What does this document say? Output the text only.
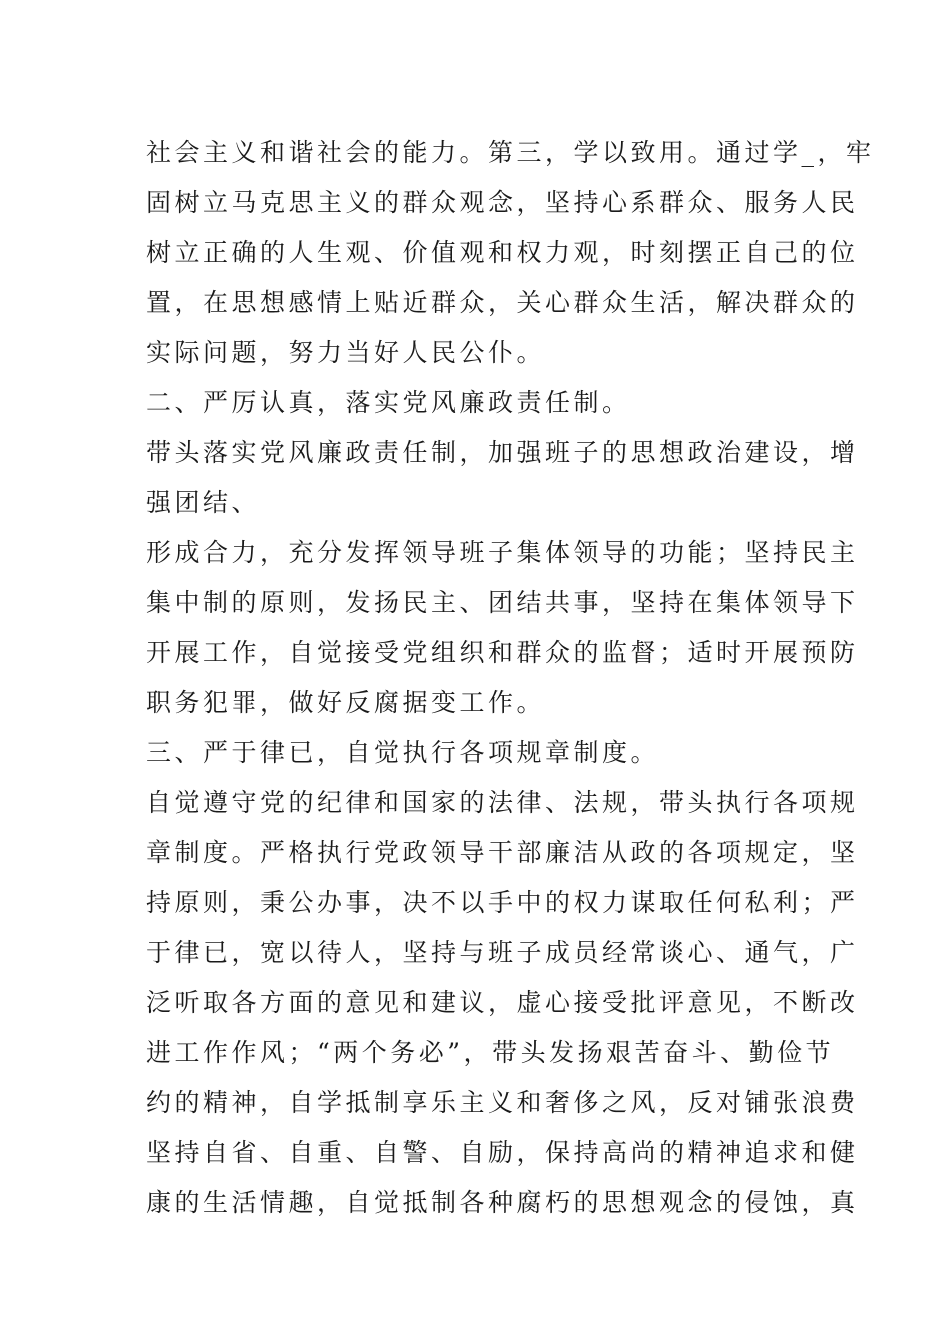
社会主义和谐社会的能力。第三，学以致用。通过学_，牢
固树立马克思主义的群众观念，坚持心系群众、服务人民
树立正确的人生观、价值观和权力观，时刻摆正自己的位
置，在思想感情上贴近群众，关心群众生活，解决群众的
实际问题，努力当好人民公仆。
二、严厉认真，落实党风廉政责任制。
带头落实党风廉政责任制，加强班子的思想政治建设，增
强团结、
形成合力，充分发挥领导班子集体领导的功能；坚持民主
集中制的原则，发扬民主、团结共事，坚持在集体领导下
开展工作，自觉接受党组织和群众的监督；适时开展预防
职务犯罪，做好反腐据变工作。
三、严于律已，自觉执行各项规章制度。
自觉遵守党的纪律和国家的法律、法规，带头执行各项规
章制度。严格执行党政领导干部廉洁从政的各项规定，坚
持原则，秉公办事，决不以手中的权力谋取任何私利；严
于律已，宽以待人，坚持与班子成员经常谈心、通气，广
泛听取各方面的意见和建议，虚心接受批评意见，不断改
进工作作风；“两个务必”，带头发扬艰苦奋斗、勤俭节
约的精神，自学抵制享乐主义和奢侈之风，反对铺张浪费
坚持自省、自重、自警、自励，保持高尚的精神追求和健
康的生活情趣，自觉抵制各种腐朽的思想观念的侵蚀，真
